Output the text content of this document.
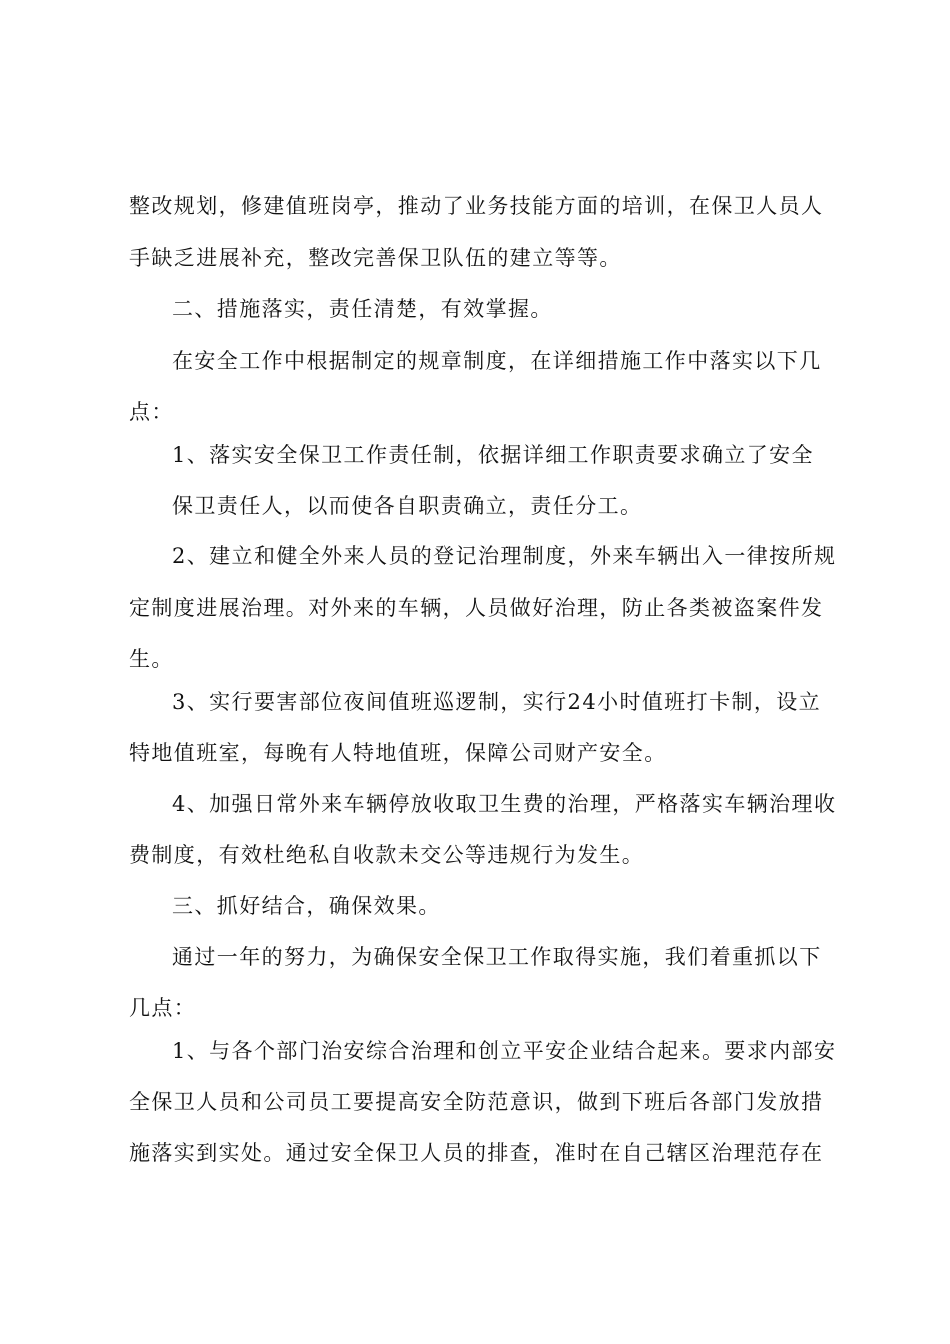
整改规划，修建值班岗亭，推动了业务技能方面的培训，在保卫人员人
手缺乏进展补充，整改完善保卫队伍的建立等等。
二、措施落实，责任清楚，有效掌握。
在安全工作中根据制定的规章制度，在详细措施工作中落实以下几
点：
1、落实安全保卫工作责任制，依据详细工作职责要求确立了安全
保卫责任人，以而使各自职责确立，责任分工。
2、建立和健全外来人员的登记治理制度，外来车辆出入一律按所规
定制度进展治理。对外来的车辆，人员做好治理，防止各类被盗案件发
生。
3、实行要害部位夜间值班巡逻制，实行24小时值班打卡制，设立
特地值班室，每晚有人特地值班，保障公司财产安全。
4、加强日常外来车辆停放收取卫生费的治理，严格落实车辆治理收
费制度，有效杜绝私自收款未交公等违规行为发生。
三、抓好结合，确保效果。
通过一年的努力，为确保安全保卫工作取得实施，我们着重抓以下
几点：
1、与各个部门治安综合治理和创立平安企业结合起来。要求内部安
全保卫人员和公司员工要提高安全防范意识，做到下班后各部门发放措
施落实到实处。通过安全保卫人员的排查，准时在自己辖区治理范存在
